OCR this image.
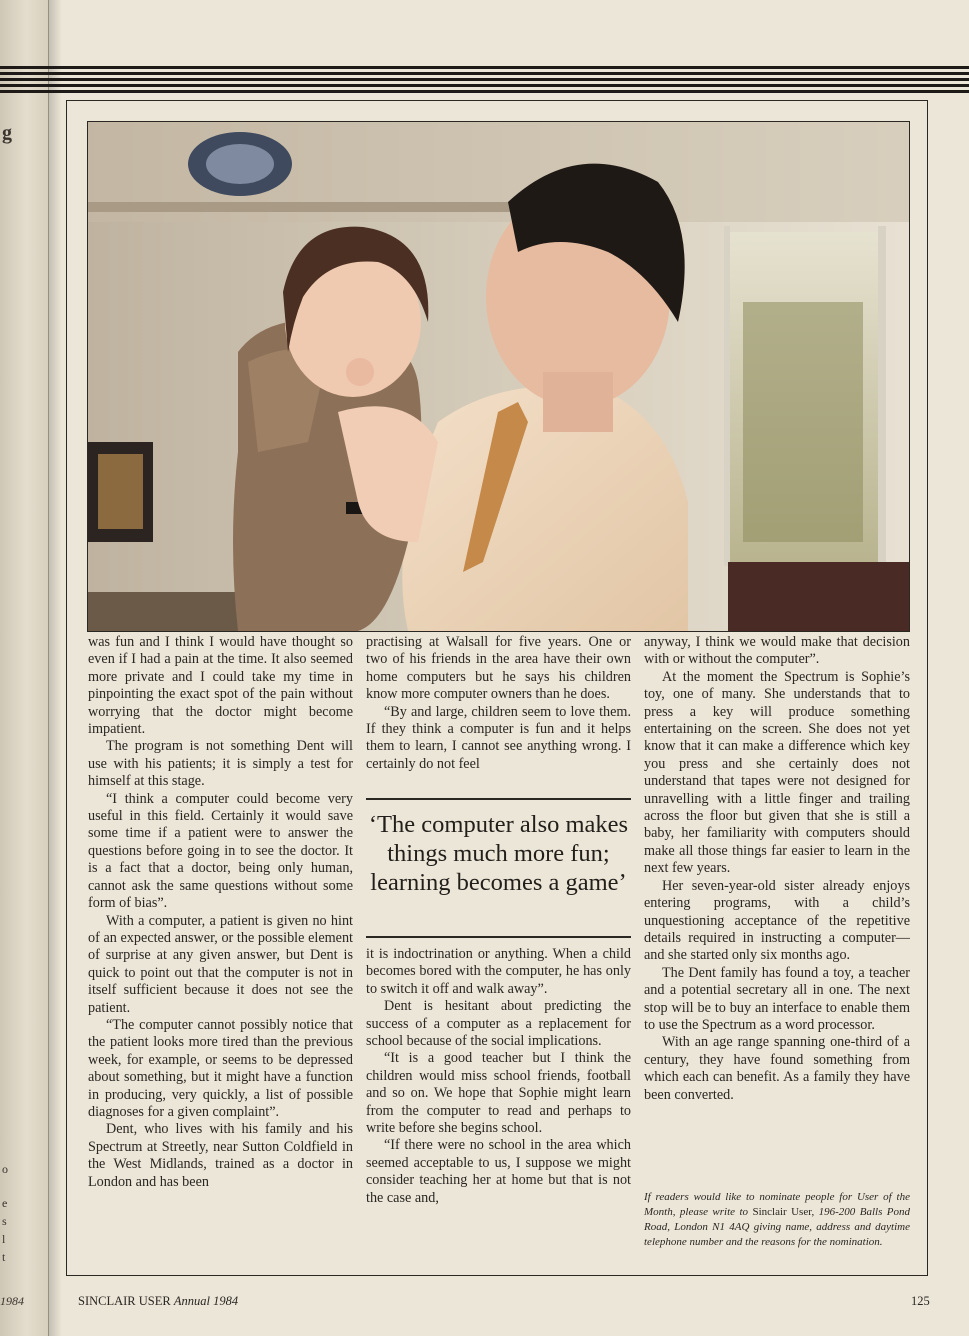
g
o
e
s
l
t
1984

was fun and I think I would have thought so even if I had a pain at the time. It also seemed more private and I could take my time in pinpointing the exact spot of the pain without worrying that the doctor might become impatient.

The program is not something Dent will use with his patients; it is simply a test for himself at this stage.

“I think a computer could become very useful in this field. Certainly it would save some time if a patient were to answer the questions before going in to see the doctor. It is a fact that a doctor, being only human, cannot ask the same questions without some form of bias”.

With a computer, a patient is given no hint of an expected answer, or the possible element of surprise at any given answer, but Dent is quick to point out that the computer is not in itself sufficient because it does not see the patient.

“The computer cannot possibly notice that the patient looks more tired than the previous week, for example, or seems to be depressed about something, but it might have a function in producing, very quickly, a list of possible diagnoses for a given complaint”.

Dent, who lives with his family and his Spectrum at Streetly, near Sutton Coldfield in the West Midlands, trained as a doctor in London and has been

practising at Walsall for five years. One or two of his friends in the area have their own home computers but he says his children know more computer owners than he does.

“By and large, children seem to love them. If they think a computer is fun and it helps them to learn, I cannot see anything wrong. I certainly do not feel

‘The computer also makes things much more fun; learning becomes a game’

it is indoctrination or anything. When a child becomes bored with the computer, he has only to switch it off and walk away”.

Dent is hesitant about predicting the success of a computer as a replacement for school because of the social implications.

“It is a good teacher but I think the children would miss school friends, football and so on. We hope that Sophie might learn from the computer to read and perhaps to write before she begins school.

“If there were no school in the area which seemed acceptable to us, I suppose we might consider teaching her at home but that is not the case and,

anyway, I think we would make that decision with or without the computer”.

At the moment the Spectrum is Sophie’s toy, one of many. She understands that to press a key will produce something entertaining on the screen. She does not yet know that it can make a difference which key you press and she certainly does not understand that tapes were not designed for unravelling with a little finger and trailing across the floor but given that she is still a baby, her familiarity with computers should make all those things far easier to learn in the next few years.

Her seven-year-old sister already enjoys entering programs, with a child’s unquestioning acceptance of the repetitive details required in instructing a computer—and she started only six months ago.

The Dent family has found a toy, a teacher and a potential secretary all in one. The next stop will be to buy an interface to enable them to use the Spectrum as a word processor.

With an age range spanning one-third of a century, they have found something from which each can benefit. As a family they have been converted.

If readers would like to nominate people for User of the Month, please write to Sinclair User, 196-200 Balls Pond Road, London N1 4AQ giving name, address and daytime telephone number and the reasons for the nomination.
SINCLAIR USER Annual 1984	125
